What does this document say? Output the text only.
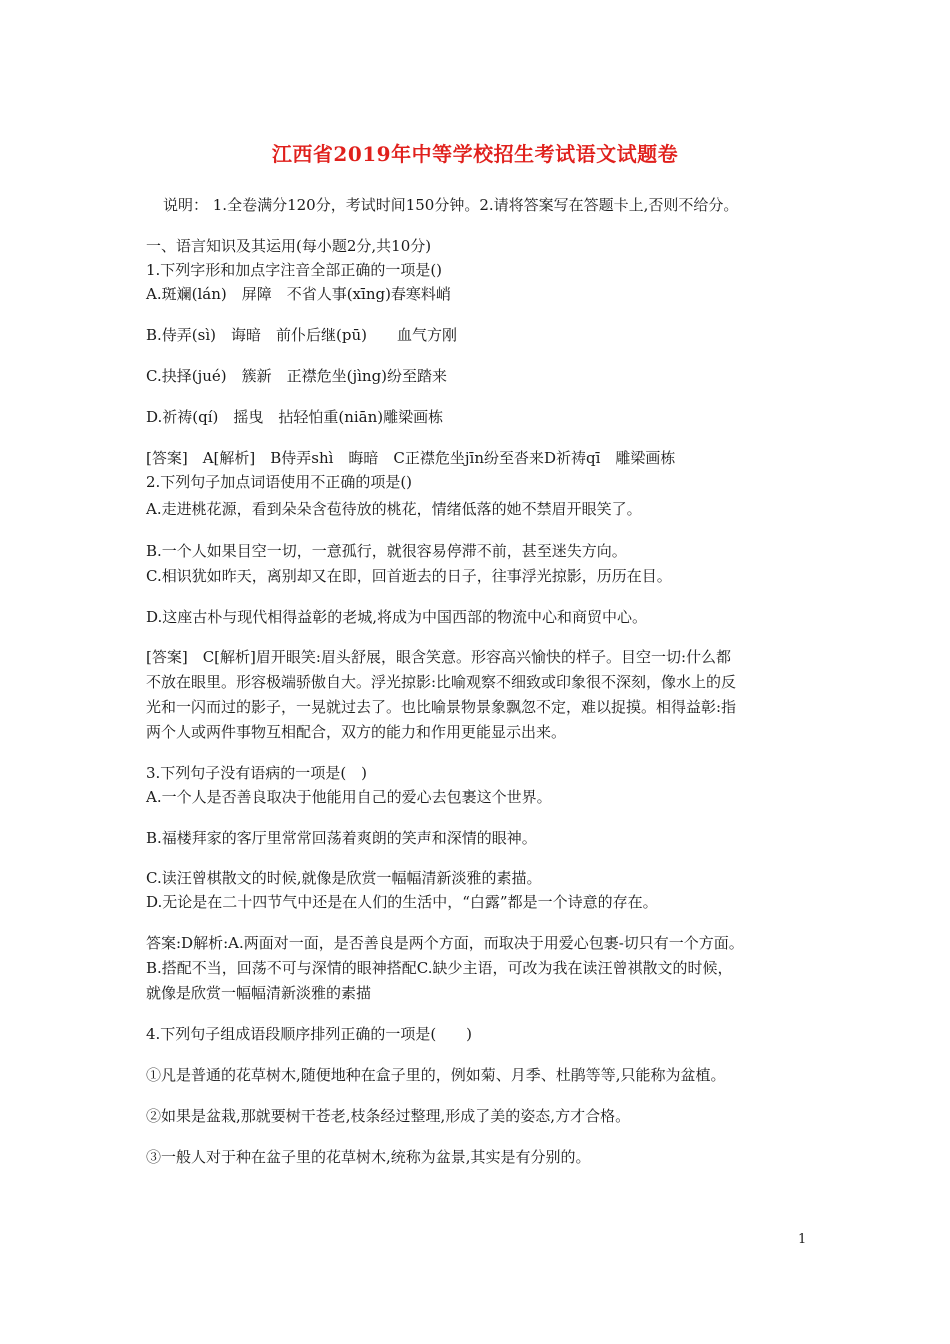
江西省2019年中等学校招生考试语文试题卷
说明： 1.全卷满分120分，考试时间150分钟。2.请将答案写在答题卡上,否则不给分。
一、语言知识及其运用(每小题2分,共10分)
1.下列字形和加点字注音全部正确的一项是()
A.斑斓(lán)　屏障　不省人事(xīng)春寒料峭
B.侍弄(sì)　诲暗　前仆后继(pū)　　血气方刚
C.抉择(jué)　簇新　正襟危坐(jìng)纷至踏来
D.祈祷(qí)　摇曳　拈轻怕重(niān)雕梁画栋
[答案]　A[解析]　B侍弄shì　晦暗　C正襟危坐jīn纷至沓来D祈祷qī　雕梁画栋
2.下列句子加点词语使用不正确的项是()
A.走进桃花源，看到朵朵含苞待放的桃花，情绪低落的她不禁眉开眼笑了。
B.一个人如果目空一切，一意孤行，就很容易停滞不前，甚至迷失方向。
C.相识犹如昨天，离别却又在即，回首逝去的日子，往事浮光掠影，历历在目。
D.这座古朴与现代相得益彰的老城,将成为中国西部的物流中心和商贸中心。
[答案]　C[解析]眉开眼笑:眉头舒展，眼含笑意。形容高兴愉快的样子。目空一切:什么都
不放在眼里。形容极端骄傲自大。浮光掠影:比喻观察不细致或印象很不深刻，像水上的反
光和一闪而过的影子，一晃就过去了。也比喻景物景象飘忽不定，难以捉摸。相得益彰:指
两个人或两件事物互相配合，双方的能力和作用更能显示出来。
3.下列句子没有语病的一项是(　)
A.一个人是否善良取决于他能用自己的爱心去包裹这个世界。
B.福楼拜家的客厅里常常回荡着爽朗的笑声和深情的眼神。
C.读汪曾棋散文的时候,就像是欣赏一幅幅清新淡雅的素描。
D.无论是在二十四节气中还是在人们的生活中，“白露”都是一个诗意的存在。
答案:D解析:A.两面对一面，是否善良是两个方面，而取决于用爱心包裹-切只有一个方面。
B.搭配不当，回荡不可与深情的眼神搭配C.缺少主语，可改为我在读汪曾祺散文的时候，
就像是欣赏一幅幅清新淡雅的素描
4.下列句子组成语段顺序排列正确的一项是(　　)
①凡是普通的花草树木,随便地种在盒子里的，例如菊、月季、杜鹃等等,只能称为盆植。
②如果是盆栽,那就要树干苍老,枝条经过整理,形成了美的姿态,方才合格。
③一般人对于种在盆子里的花草树木,统称为盆景,其实是有分别的。
1
